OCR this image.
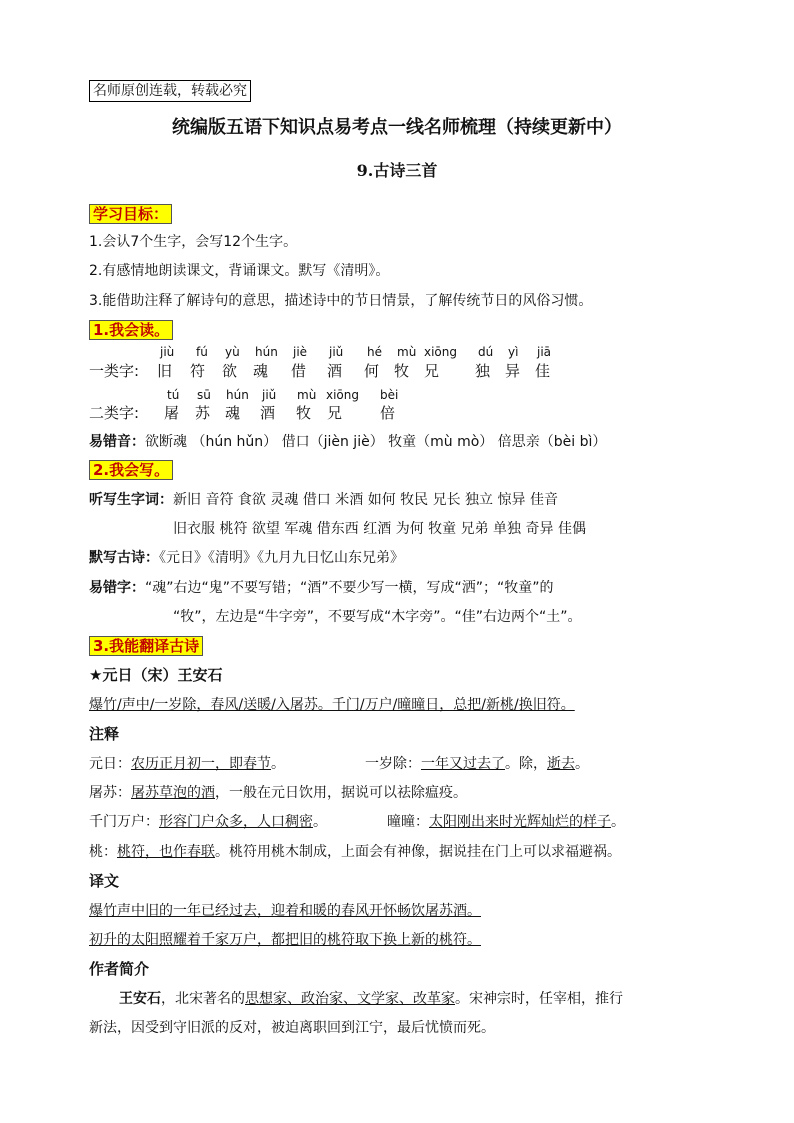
名师原创连载，转载必究
统编版五语下知识点易考点一线名师梳理（持续更新中）
9.古诗三首
学习目标：
1.会认7个生字，会写12个生字。
2.有感情地朗读课文，背诵课文。默写《清明》。
3.能借助注释了解诗句的意思，描述诗中的节日情景，了解传统节日的风俗习惯。
1.我会读。
jiù fú yù hún jiè jiǔ hé mù xiōng dú yì jiā
一类字: 旧 符 欲 魂 借 酒 何 牧 兄 独 异 佳
tú sū hún jiǔ mù xiōng bèi
二类字: 屠 苏 魂 酒 牧 兄	倍
易错音：欲断魂 （hún hǔn） 借口（jièn jiè） 牧童（mù mò） 倍思亲（bèi bì）
2.我会写。
听写生字词：新旧 音符 食欲 灵魂 借口 米酒 如何 牧民 兄长 独立 惊异 佳音
旧衣服 桃符 欲望 军魂 借东西 红酒 为何 牧童 兄弟 单独 奇异 佳偶
默写古诗：《元日》《清明》《九月九日忆山东兄弟》
易错字：“魂”右边“鬼”不要写错；“酒”不要少写一横，写成“洒”；“牧童”的
“牧”，左边是“牛字旁”，不要写成“木字旁”。“佳”右边两个“土”。
3.我能翻译古诗
★元日（宋）王安石
爆竹/声中/一岁除，春风/送暖/入屠苏。千门/万户/曈曈日，总把/新桃/换旧符。
注释
元日：农历正月初一，即春节。	一岁除：一年又过去了。除，逝去。
屠苏：屠苏草泡的酒，一般在元日饮用，据说可以祛除瘟疫。
千门万户：形容门户众多，人口稠密。	曈曈：太阳刚出来时光辉灿烂的样子。
桃：桃符，也作春联。桃符用桃木制成，上面会有神像，据说挂在门上可以求福避祸。
译文
爆竹声中旧的一年已经过去，迎着和暖的春风开怀畅饮屠苏酒。
初升的太阳照耀着千家万户，都把旧的桃符取下换上新的桃符。
作者简介
王安石，北宋著名的思想家、政治家、文学家、改革家。宋神宗时，任宰相，推行
新法，因受到守旧派的反对，被迫离职回到江宁，最后忧愤而死。
